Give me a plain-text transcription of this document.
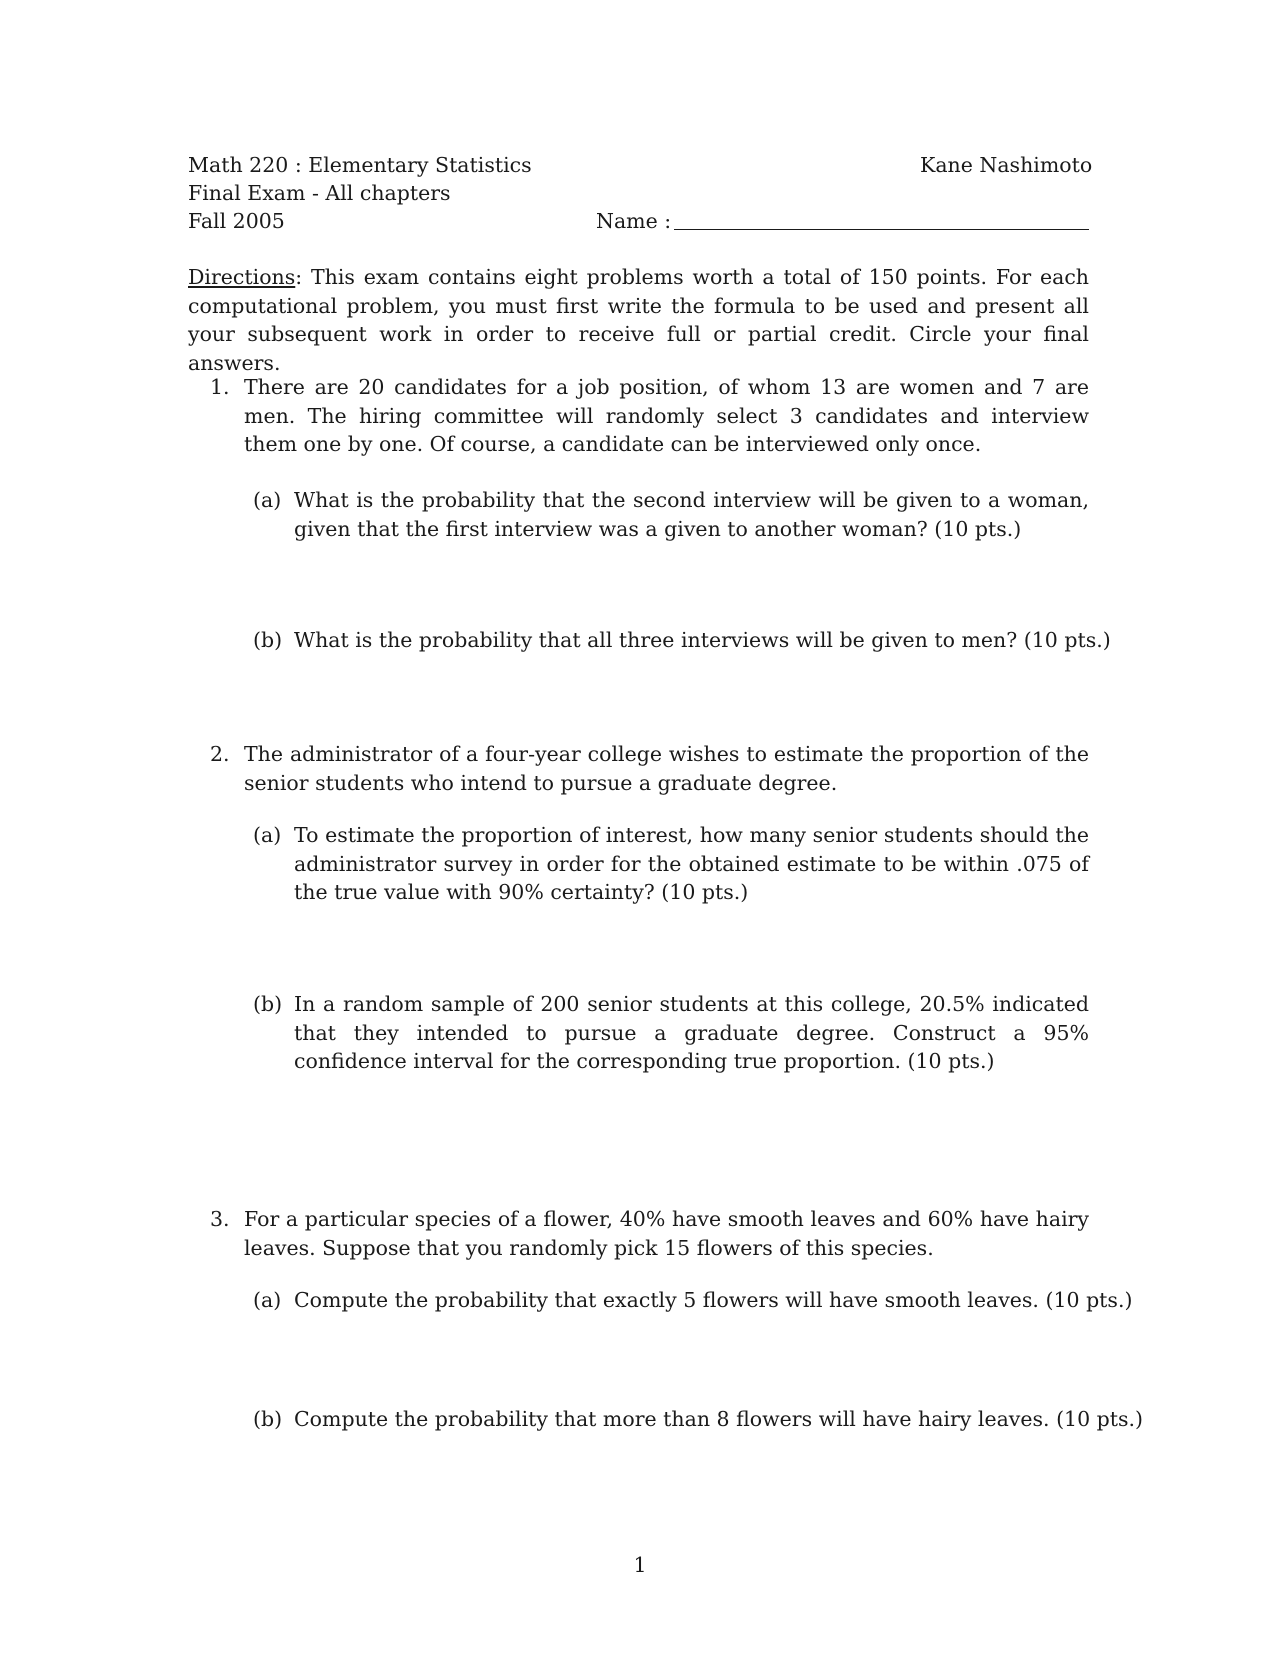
Math 220 : Elementary Statistics
Final Exam - All chapters
Fall 2005
Kane Nashimoto
Name :
Directions: This exam contains eight problems worth a total of 150 points. For each computational problem, you must first write the formula to be used and present all your subsequent work in order to receive full or partial credit. Circle your final answers.
1. There are 20 candidates for a job position, of whom 13 are women and 7 are men. The hiring committee will randomly select 3 candidates and interview them one by one. Of course, a candidate can be interviewed only once.
(a) What is the probability that the second interview will be given to a woman, given that the first interview was a given to another woman? (10 pts.)
(b) What is the probability that all three interviews will be given to men? (10 pts.)
2. The administrator of a four-year college wishes to estimate the proportion of the senior students who intend to pursue a graduate degree.
(a) To estimate the proportion of interest, how many senior students should the administrator survey in order for the obtained estimate to be within .075 of the true value with 90% certainty? (10 pts.)
(b) In a random sample of 200 senior students at this college, 20.5% indicated that they intended to pursue a graduate degree. Construct a 95% confidence interval for the corresponding true proportion. (10 pts.)
3. For a particular species of a flower, 40% have smooth leaves and 60% have hairy leaves. Suppose that you randomly pick 15 flowers of this species.
(a) Compute the probability that exactly 5 flowers will have smooth leaves. (10 pts.)
(b) Compute the probability that more than 8 flowers will have hairy leaves. (10 pts.)
1
